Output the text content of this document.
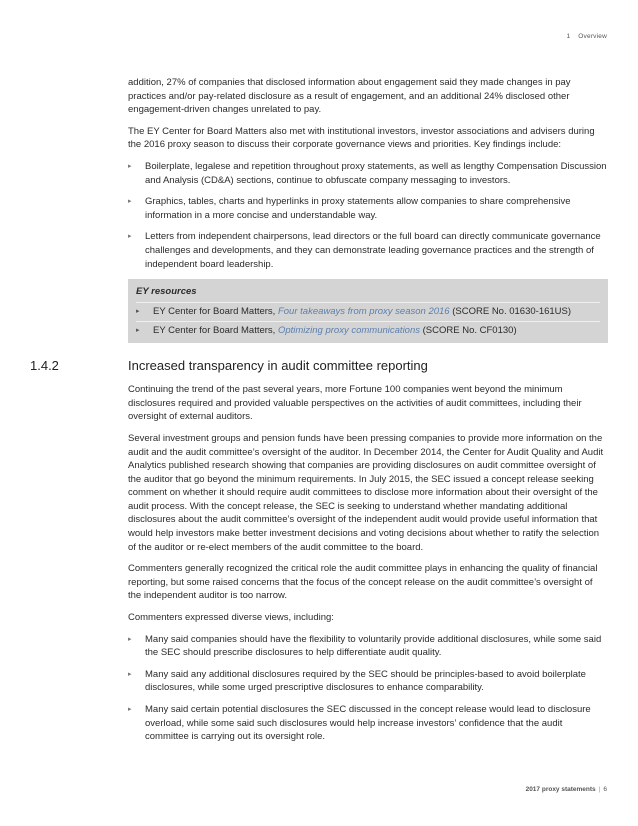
1 Overview

addition, 27% of companies that disclosed information about engagement said they made changes in pay practices and/or pay-related disclosure as a result of engagement, and an additional 24% disclosed other engagement-driven changes unrelated to pay.

The EY Center for Board Matters also met with institutional investors, investor associations and advisers during the 2016 proxy season to discuss their corporate governance views and priorities. Key findings include:

▸ Boilerplate, legalese and repetition throughout proxy statements, as well as lengthy Compensation Discussion and Analysis (CD&A) sections, continue to obfuscate company messaging to investors.
▸ Graphics, tables, charts and hyperlinks in proxy statements allow companies to share comprehensive information in a more concise and understandable way.
▸ Letters from independent chairpersons, lead directors or the full board can directly communicate governance challenges and developments, and they can demonstrate leading governance practices and the strength of independent board leadership.
EY resources
▸ EY Center for Board Matters, Four takeaways from proxy season 2016 (SCORE No. 01630-161US)
▸ EY Center for Board Matters, Optimizing proxy communications (SCORE No. CF0130)
1.4.2	Increased transparency in audit committee reporting

Continuing the trend of the past several years, more Fortune 100 companies went beyond the minimum disclosures required and provided valuable perspectives on the activities of audit committees, including their oversight of external auditors.

Several investment groups and pension funds have been pressing companies to provide more information on the audit and the audit committee’s oversight of the auditor. In December 2014, the Center for Audit Quality and Audit Analytics published research showing that companies are providing disclosures on audit committee oversight of the auditor that go beyond the minimum requirements. In July 2015, the SEC issued a concept release seeking comment on whether it should require audit committees to disclose more information about their oversight of the audit process. With the concept release, the SEC is seeking to understand whether mandating additional disclosures about the audit committee’s oversight of the independent audit would provide useful information that would help investors make better investment decisions and voting decisions about whether to ratify the selection of the auditor or re-elect members of the audit committee to the board.

Commenters generally recognized the critical role the audit committee plays in enhancing the quality of financial reporting, but some raised concerns that the focus of the concept release on the audit committee’s oversight of the independent auditor is too narrow.

Commenters expressed diverse views, including:

▸ Many said companies should have the flexibility to voluntarily provide additional disclosures, while some said the SEC should prescribe disclosures to help differentiate audit quality.
▸ Many said any additional disclosures required by the SEC should be principles-based to avoid boilerplate disclosures, while some urged prescriptive disclosures to enhance comparability.
▸ Many said certain potential disclosures the SEC discussed in the concept release would lead to disclosure overload, while some said such disclosures would help increase investors’ confidence that the audit committee is carrying out its oversight role.
2017 proxy statements | 6
